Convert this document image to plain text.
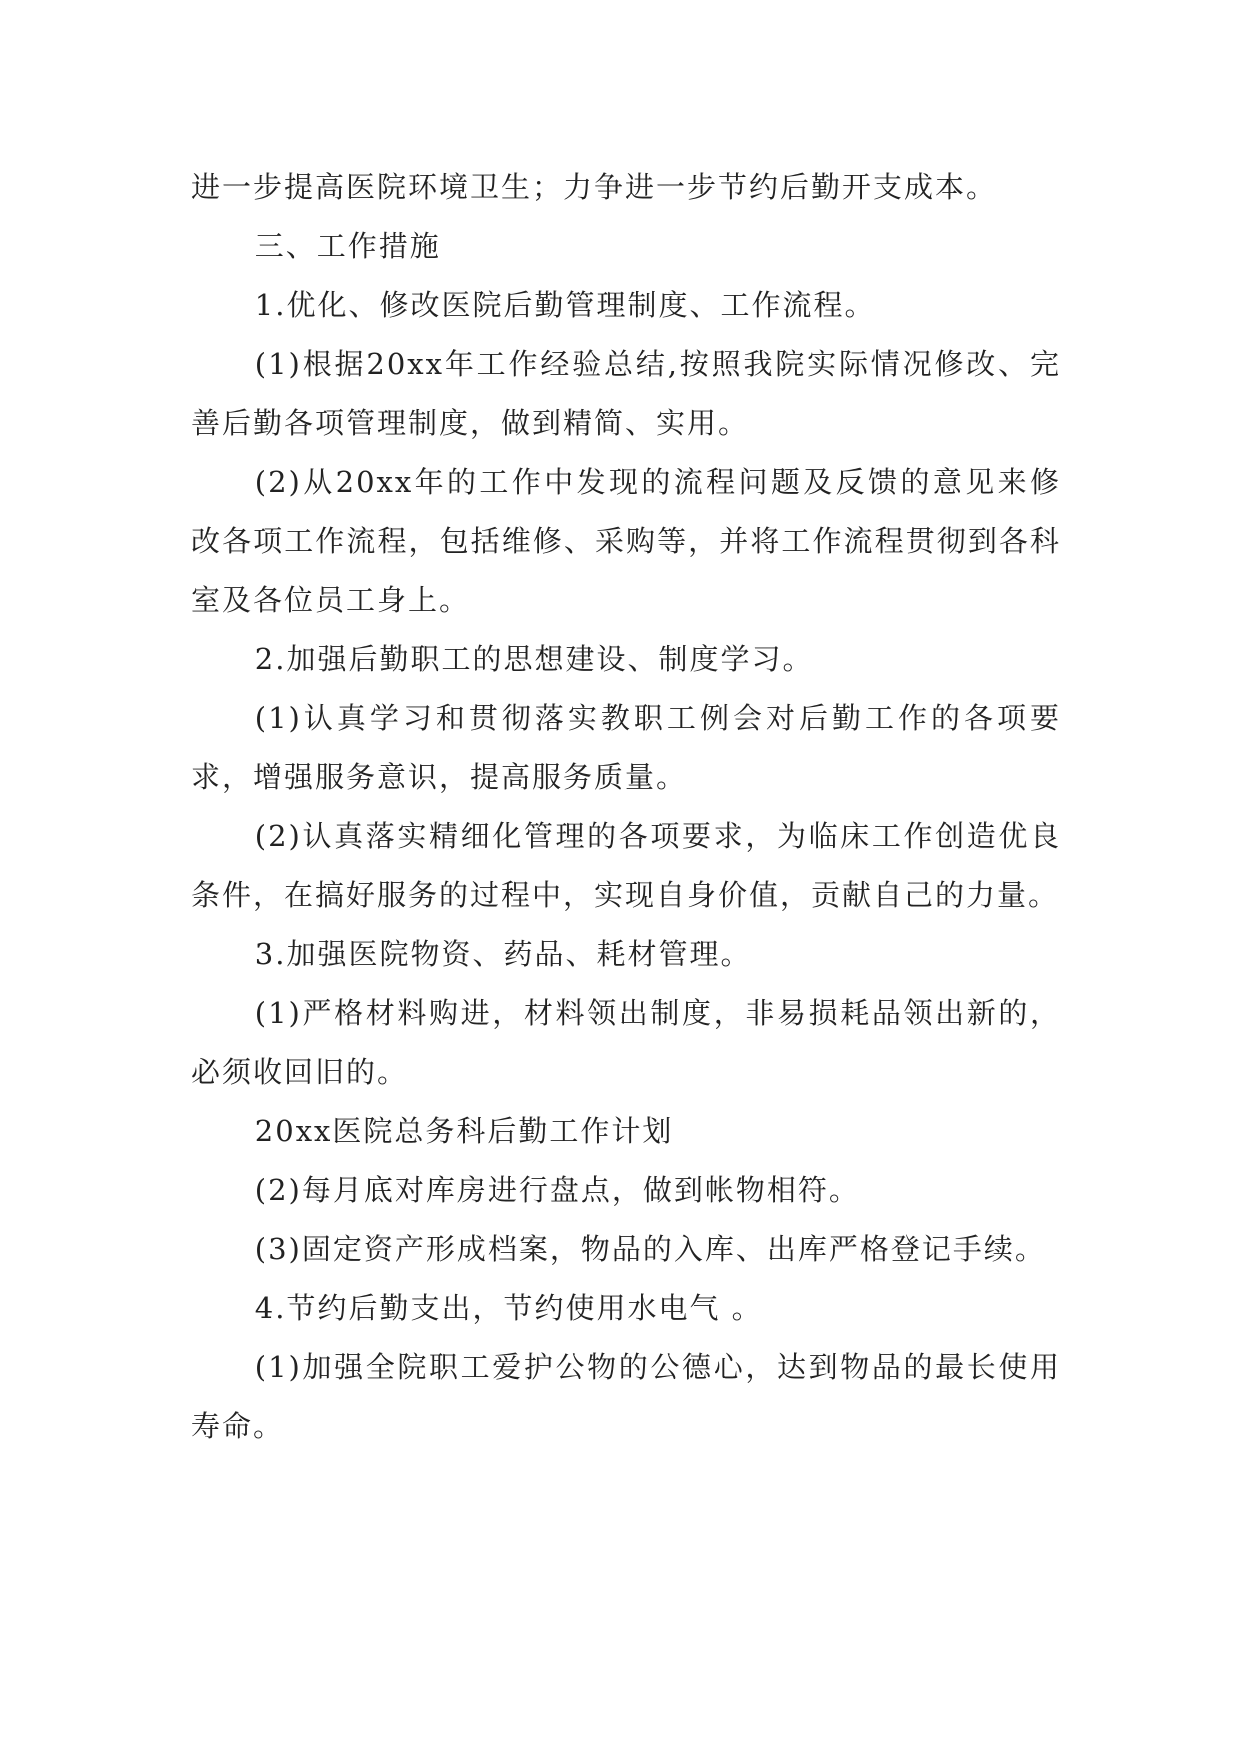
进一步提高医院环境卫生；力争进一步节约后勤开支成本。

三、工作措施

1.优化、修改医院后勤管理制度、工作流程。

(1)根据20xx年工作经验总结,按照我院实际情况修改、完善后勤各项管理制度，做到精简、实用。

(2)从20xx年的工作中发现的流程问题及反馈的意见来修改各项工作流程，包括维修、采购等，并将工作流程贯彻到各科室及各位员工身上。

2.加强后勤职工的思想建设、制度学习。

(1)认真学习和贯彻落实教职工例会对后勤工作的各项要求，增强服务意识，提高服务质量。

(2)认真落实精细化管理的各项要求，为临床工作创造优良条件，在搞好服务的过程中，实现自身价值，贡献自己的力量。

3.加强医院物资、药品、耗材管理。

(1)严格材料购进，材料领出制度，非易损耗品领出新的，必须收回旧的。

20xx医院总务科后勤工作计划

(2)每月底对库房进行盘点，做到帐物相符。

(3)固定资产形成档案，物品的入库、出库严格登记手续。

4.节约后勤支出，节约使用水电气 。

(1)加强全院职工爱护公物的公德心，达到物品的最长使用寿命。
